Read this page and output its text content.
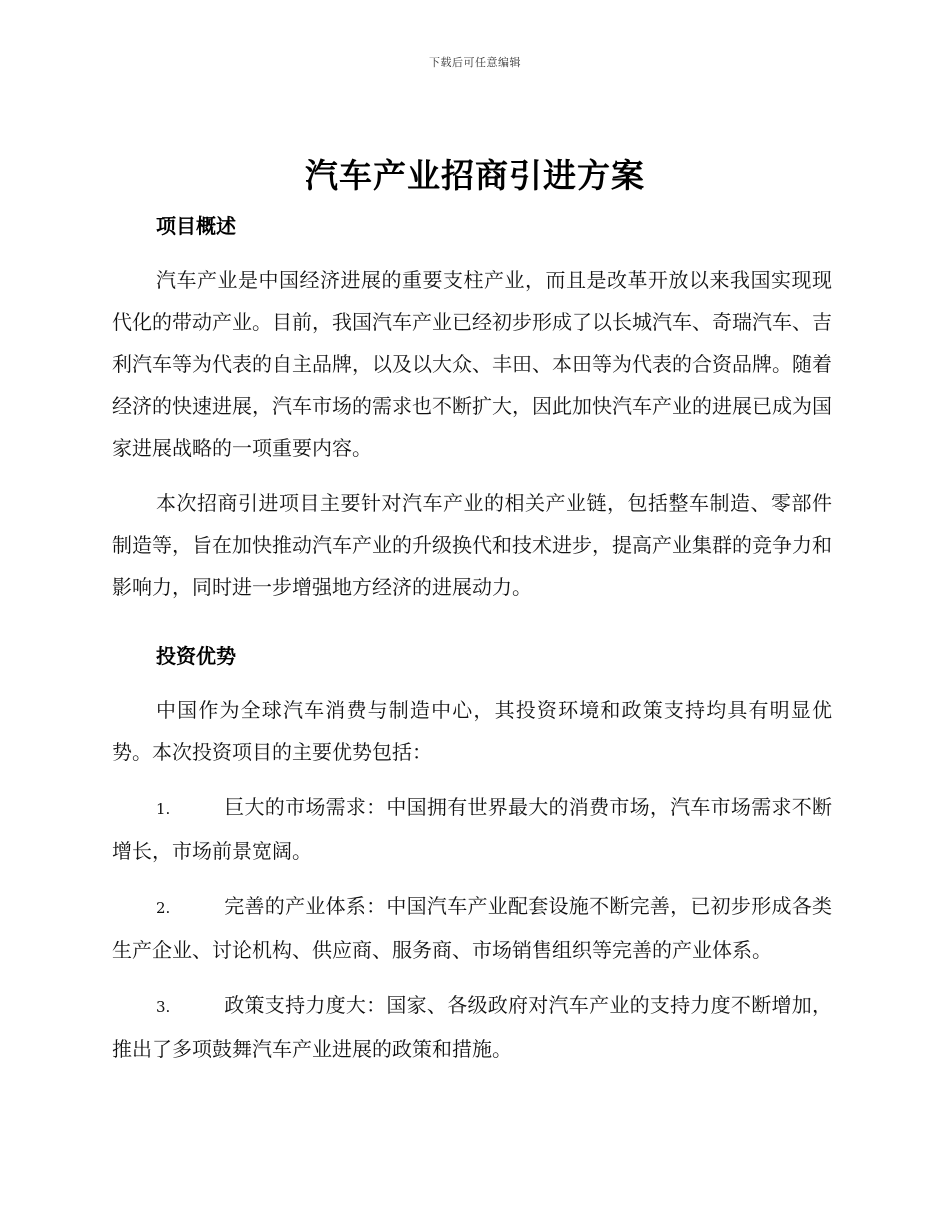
下载后可任意编辑
汽车产业招商引进方案
项目概述

汽车产业是中国经济进展的重要支柱产业，而且是改革开放以来我国实现现代化的带动产业。目前，我国汽车产业已经初步形成了以长城汽车、奇瑞汽车、吉利汽车等为代表的自主品牌，以及以大众、丰田、本田等为代表的合资品牌。随着经济的快速进展，汽车市场的需求也不断扩大，因此加快汽车产业的进展已成为国家进展战略的一项重要内容。

本次招商引进项目主要针对汽车产业的相关产业链，包括整车制造、零部件制造等，旨在加快推动汽车产业的升级换代和技术进步，提高产业集群的竞争力和影响力，同时进一步增强地方经济的进展动力。

投资优势

中国作为全球汽车消费与制造中心，其投资环境和政策支持均具有明显优势。本次投资项目的主要优势包括：

1.	巨大的市场需求：中国拥有世界最大的消费市场，汽车市场需求不断增长，市场前景宽阔。

2.	完善的产业体系：中国汽车产业配套设施不断完善，已初步形成各类生产企业、讨论机构、供应商、服务商、市场销售组织等完善的产业体系。

3.	政策支持力度大：国家、各级政府对汽车产业的支持力度不断增加，推出了多项鼓舞汽车产业进展的政策和措施。
